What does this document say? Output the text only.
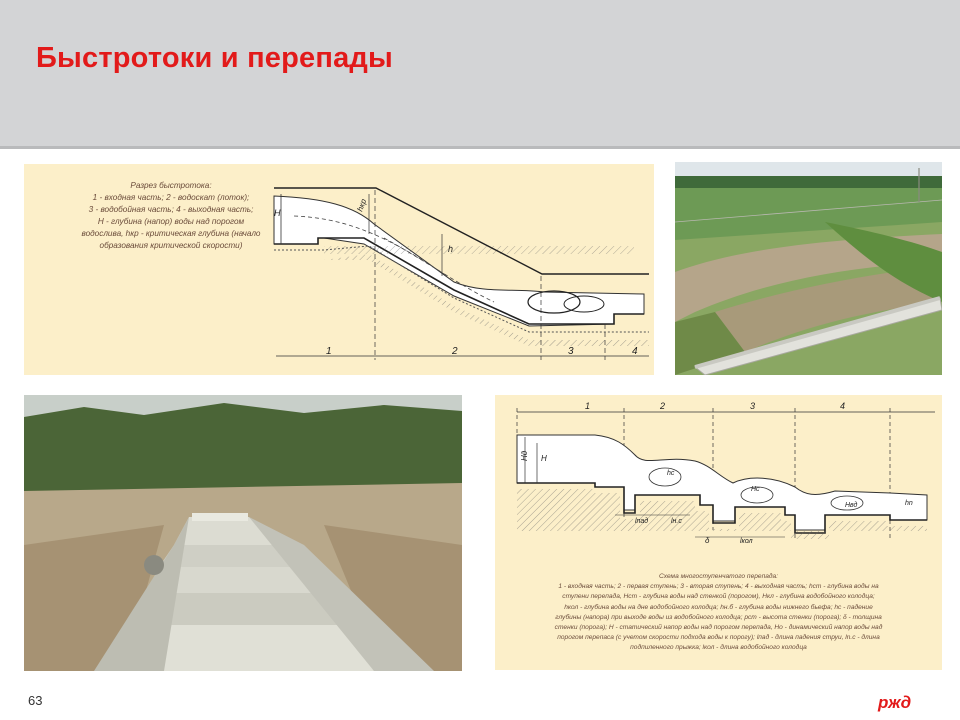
Быстротоки и перепады
H
hкр
h
1	2	3	4
Разрез быстротока:
1 - входная часть; 2 - водоскат (лоток);
3 - водобойная часть; 4 - выходная часть;
H - глубина (напор) воды над порогом
водослива, hкр - критическая глубина (начало
образования критической скорости)
1	2	3	4
Hд H
hс
Hс
Hвд	hn
lпад	lн.с
δ	lкол
Схема многоступенчатого перепада:
1 - входная часть; 2 - первая ступень; 3 - вторая ступень; 4 - выходная часть; hст - глубина воды на
ступени перепада, Hст - глубина воды над стенкой (порогом), Hкл - глубина водобойного колодца;
hкол - глубина воды на дне водобойного колодца; hн.б - глубина воды нижнего бьефа; hc - падение
глубины (напора) при выходе воды из водобойного колодца; pст - высота стенки (порога); δ - толщина
стенки (порога); H - статический напор воды над порогом перепада, Hо - динамический напор воды над
порогом перепаса (с учетом скорости подхода воды к порогу); lпад - длина падения струи, ln.c - длина
подпиленного прыжка; lкол - длина водобойного колодца
63	ржд
